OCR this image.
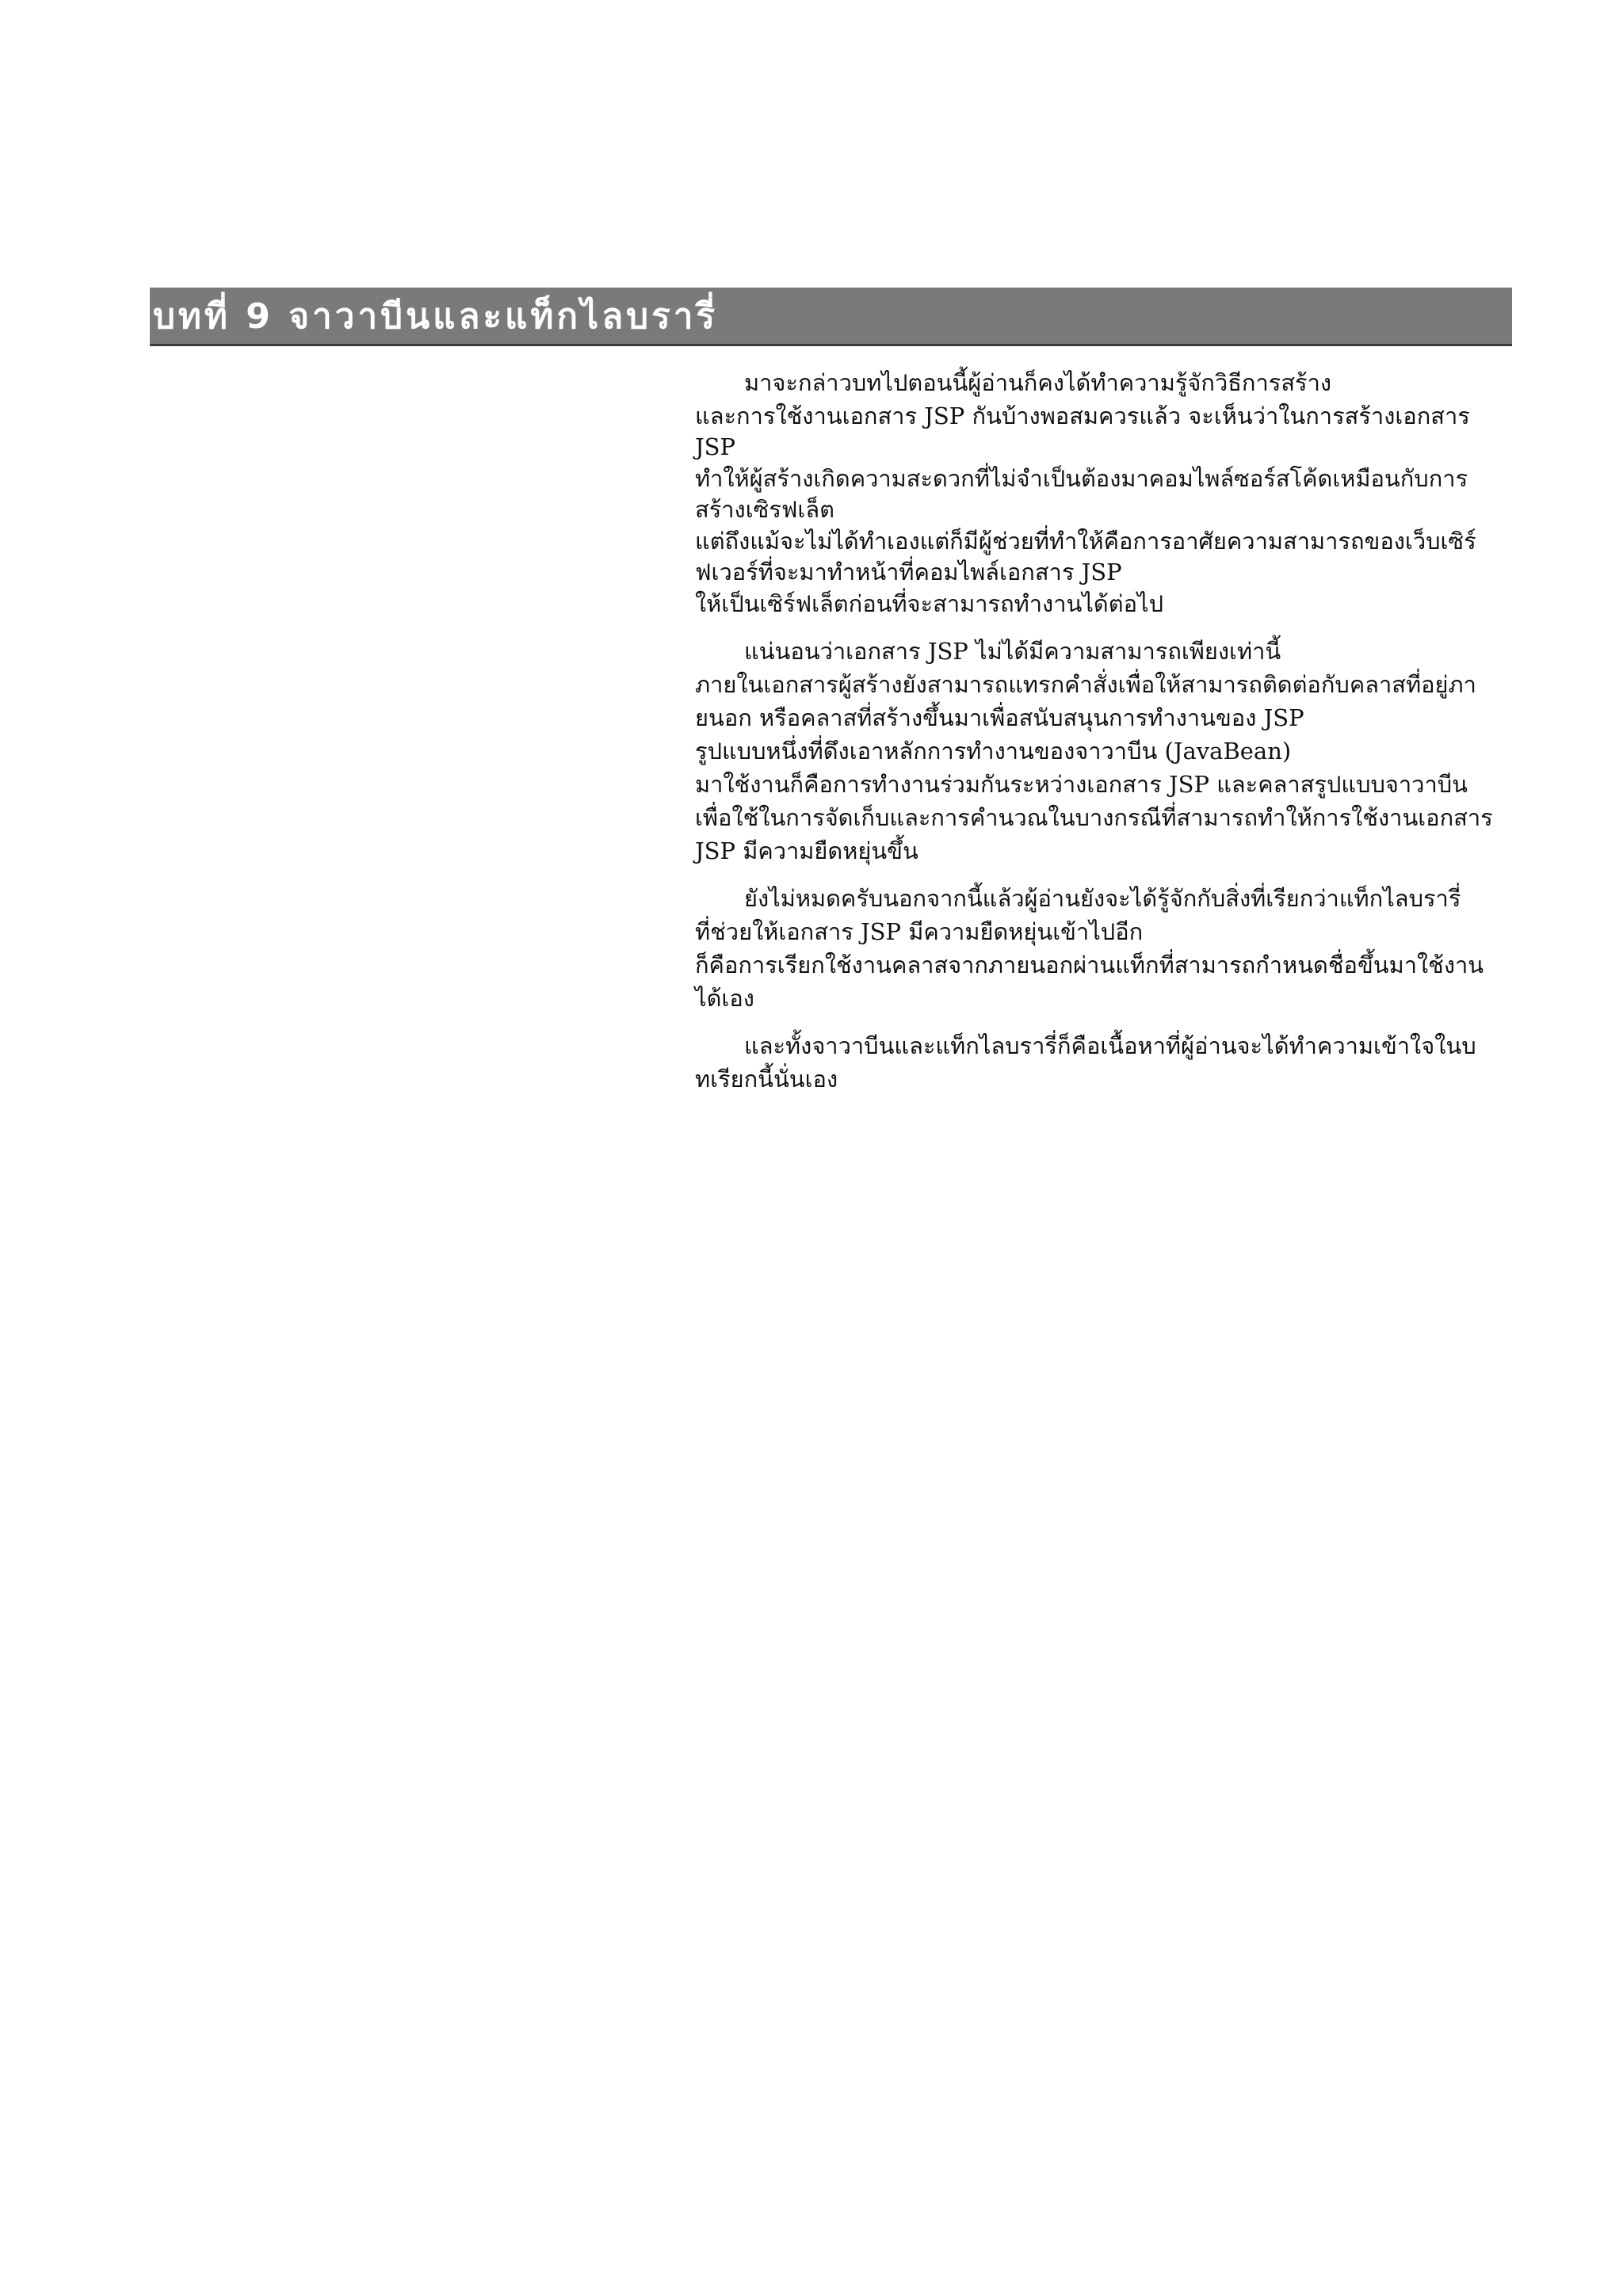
บทที่ 9 จาวาบีนและแท็กไลบรารี่
มาจะกล่าวบทไปตอนนี้ผู้อ่านก็คงได้ทำความรู้จักวิธีการสร้าง
และการใช้งานเอกสาร JSP กันบ้างพอสมควรแล้ว จะเห็นว่าในการสร้างเอกสาร
JSP
ทำให้ผู้สร้างเกิดความสะดวกที่ไม่จำเป็นต้องมาคอมไพล์ซอร์สโค้ดเหมือนกับการ
สร้างเซิรฟเล็ต
แต่ถึงแม้จะไม่ได้ทำเองแต่ก็มีผู้ช่วยที่ทำให้คือการอาศัยความสามารถของเว็บเซิร์
ฟเวอร์ที่จะมาทำหน้าที่คอมไพล์เอกสาร JSP
ให้เป็นเซิร์ฟเล็ตก่อนที่จะสามารถทำงานได้ต่อไป
แน่นอนว่าเอกสาร JSP ไม่ได้มีความสามารถเพียงเท่านี้
ภายในเอกสารผู้สร้างยังสามารถแทรกคำสั่งเพื่อให้สามารถติดต่อกับคลาสที่อยู่ภา
ยนอก หรือคลาสที่สร้างขึ้นมาเพื่อสนับสนุนการทำงานของ JSP
รูปแบบหนึ่งที่ดึงเอาหลักการทำงานของจาวาบีน (JavaBean)
มาใช้งานก็คือการทำงานร่วมกันระหว่างเอกสาร JSP และคลาสรูปแบบจาวาบีน
เพื่อใช้ในการจัดเก็บและการคำนวณในบางกรณีที่สามารถทำให้การใช้งานเอกสาร
JSP มีความยืดหยุ่นขึ้น
ยังไม่หมดครับนอกจากนี้แล้วผู้อ่านยังจะได้รู้จักกับสิ่งที่เรียกว่าแท็กไลบรารี่
ที่ช่วยให้เอกสาร JSP มีความยืดหยุ่นเข้าไปอีก
ก็คือการเรียกใช้งานคลาสจากภายนอกผ่านแท็กที่สามารถกำหนดชื่อขึ้นมาใช้งาน
ได้เอง
และทั้งจาวาบีนและแท็กไลบรารี่ก็คือเนื้อหาที่ผู้อ่านจะได้ทำความเข้าใจในบ
ทเรียกนี้นั่นเอง
